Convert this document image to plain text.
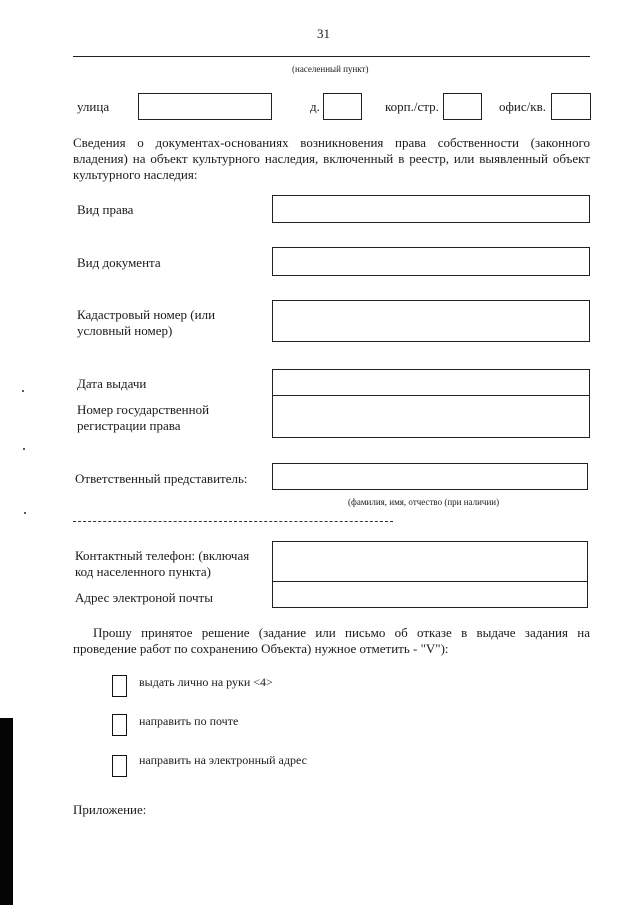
31
(населенный пункт)
улица	д.	корп./стр.	офис/кв.
Сведения о документах-основаниях возникновения права собственности (законного владения) на объект культурного наследия, включенный в реестр, или выявленный объект культурного наследия:
Вид права
Вид документа
Кадастровый номер (или
условный номер)
Дата выдачи
Номер государственной
регистрации права
Ответственный представитель:
(фамилия, имя, отчество (при наличии)
Контактный телефон: (включая
код населенного пункта)
Адрес электроной почты
Прошу принятое решение (задание или письмо об отказе в выдаче задания на проведение работ по сохранению Объекта) нужное отметить - "V"):
выдать лично на руки <4>
направить по почте
направить на электронный адрес
Приложение:
